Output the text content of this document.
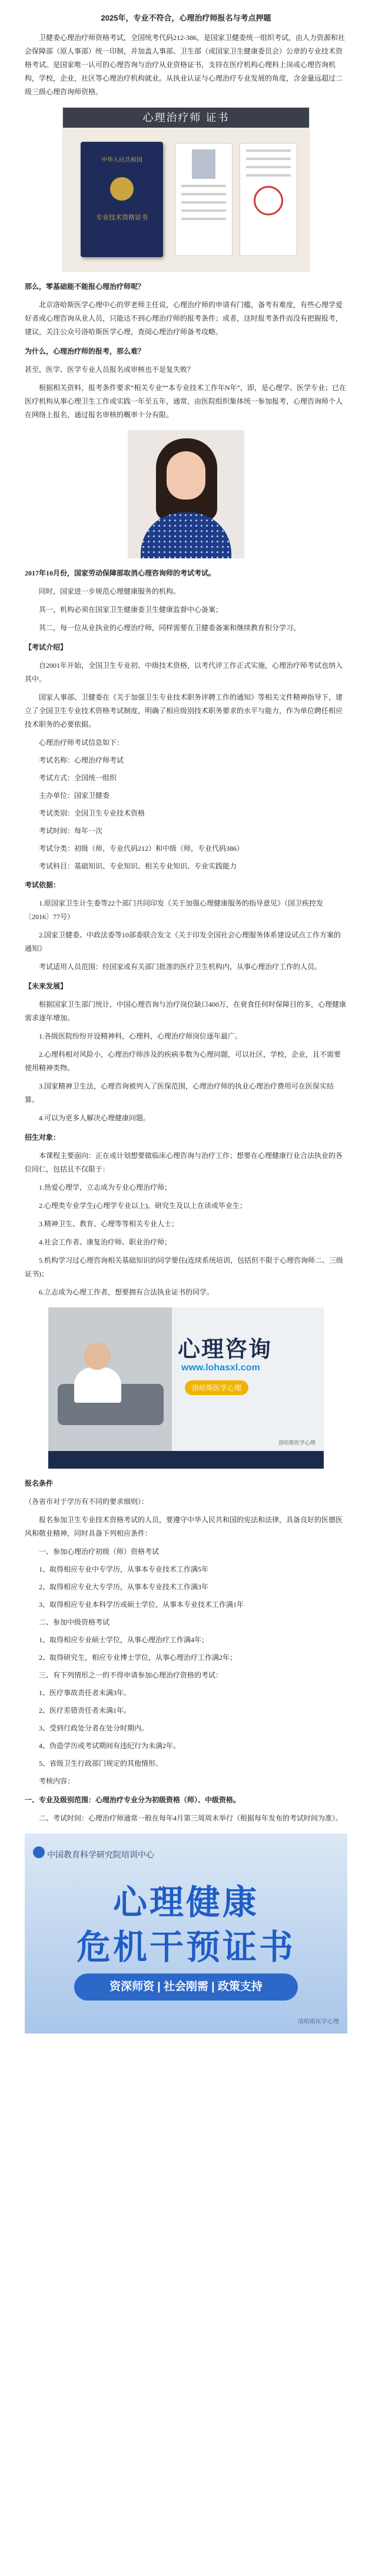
2025年，专业不符合，心理治疗师报名与考点押题

卫健委心理治疗师资格考试，全国统考代码212-386，是国家卫健委统一组织考试，由人力资源和社会保障部（原人事部）统一印制，并加盖人事部、卫生部（或国家卫生健康委员会）公章的专业技术资格考试。是国家唯一认可的心理咨询与治疗从业资格证书，支持在医疗机构心理科上岗或心理咨询机构，学校，企业，社区等心理治疗机构就业。从执业认证与心理治疗专业发展的角度，含金量远超过二级三级心理咨询师资格。

心理治疗师 证书
中华人民共和国
专业技术资格证书

那么，零基础能不能报心理治疗师呢？

北京洛哈斯医学心理中心的罗老师主任说，心理治疗师的申请有门槛，备考有难度，有些心理学爱好者或心理咨询从业人员，只能达不到心理治疗师的报考条件；或者，这时报考条件而没有把握报考，建议，关注公众号洛哈斯医学心理，查阅心理治疗师备考攻略。

为什么，心理治疗师的报考，那么难？

甚至，医学、医学专业人员报名或审核也不是复失败？

根据相关资料，报考条件要求“相关专业”“本专业技术工作年N年”，即，是心理学、医学专业；已在医疗机构从事心理卫生工作或实践一年至五年，通常，由医院组织集体统一参加报考，心理咨询师个人在网络上报名，通过报名审核的概率十分有限。

2017年10月份，国家劳动保障部取消心理咨询师的考试考试。

同时，国家进一步规范心理健康服务的机构。

其一，机构必须在国家卫生健康委卫生健康监督中心备案；

其二，每一位从业执业的心理治疗师，同样需要在卫健委备案和继续教育积分学习。

【考试介绍】

自2001年开始，全国卫生专业初、中级技术资格，以考代评工作正式实施，心理治疗师考试也纳入其中。

国家人事部、卫健委在《关于加强卫生专业技术职务评聘工作的通知》等相关文件精神指导下，建立了全国卫生专业技术资格考试制度，明确了相应级别技术职务要求的水平与能力，作为单位聘任相应技术职务的必要依据。

心理治疗师考试信息如下：

考试名称：心理治疗师考试

考试方式：全国统一组织

主办单位：国家卫健委

考试类别：全国卫生专业技术资格

考试时间：每年一次

考试分类：初级（师，专业代码212）和中级（师，专业代码386）

考试科目：基础知识、专业知识、相关专业知识、专业实践能力

考试依据：

1.原国家卫生计生委等22个部门共同印发《关于加强心理健康服务的指导意见》（国卫疾控发〔2016〕77号）

2.国家卫健委、中政法委等10部委联合发文《关于印发全国社会心理服务体系建设试点工作方案的通知》

考试适用人员范围：经国家或有关部门批准的医疗卫生机构内，从事心理治疗工作的人员。

【未来发展】

根据国家卫生部门统计，中国心理咨询与治疗岗位缺口400万，在衰食任何时保障目的多，心理健康需求逐年增加。

1.各级医院纷纷开设精神科，心理科，心理治疗师岗位逐年最广。

2.心理科相对风险小，心理治疗师涉及的疾病多数为心理问题，可以社区，学校，企业，且不需要使用精神类物。

3.国家精神卫生法，心理咨询被列入了医保范围，心理治疗师的执业心理治疗费用可在医保实结算。

4.可以为更多人解决心理健康问题。

招生对象：

本课程主要面向：正在或计划想要做临床心理咨询与治疗工作；想要在心理健康行业合法执业的各位同仁，包括且不仅限于：

1.热爱心理学，立志成为专业心理治疗师；

2.心理类专业学生(心理学专业以上)，研究生及以上在读或毕业生；

3.精神卫生、教育、心理等等相关专业人士；

4.社会工作者、康复治疗师、职业治疗师；

5.机构学习过心理咨询相关基础知识的同学要住(连续系统培训，包括但不限于心理咨询师二、三级证书)；

6.立志成为心理工作者，想要拥有合法执业证书的同学。

心理咨询
www.lohasxl.com
洛哈斯医学心理
洛哈斯医学心理

报名条件

（各省市对于学历有不同的要求细则）：

报名参加卫生专业技术资格考试的人员，要遵守中华人民共和国的宪法和法律，具备良好的医德医风和敬业精神，同时具备下列相应条件：

一、参加心理治疗初级（师）资格考试

1、取得相应专业中专学历，从事本专业技术工作满5年

2、取得相应专业大专学历，从事本专业技术工作满3年

3、取得相应专业本科学历或硕士学位，从事本专业技术工作满1年

二、参加中级资格考试

1、取得相应专业硕士学位，从事心理治疗工作满4年；

2、取得研究生，相应专业博士学位，从事心理治疗工作满2年；

三、有下列情形之一的不得申请参加心理治疗资格的考试：

1、医疗事故责任者未满3年。

2、医疗差错责任者未满1年。

3、受到行政处分者在处分时期内。

4、伪造学历或考试期间有违纪行为未满2年。

5、省级卫生行政部门规定的其他情形。

考核内容：

一、专业及级别范围：心理治疗专业分为初级资格（师）、中级资格。

二、考试时间：心理治疗师通常一般在每年4月第三周周末举行（根据每年发布的考试时间为准）。

中国教育科学研究院培训中心
心理健康
危机干预证书
资深师资 | 社会刚需 | 政策支持
洛哈斯医学心理
